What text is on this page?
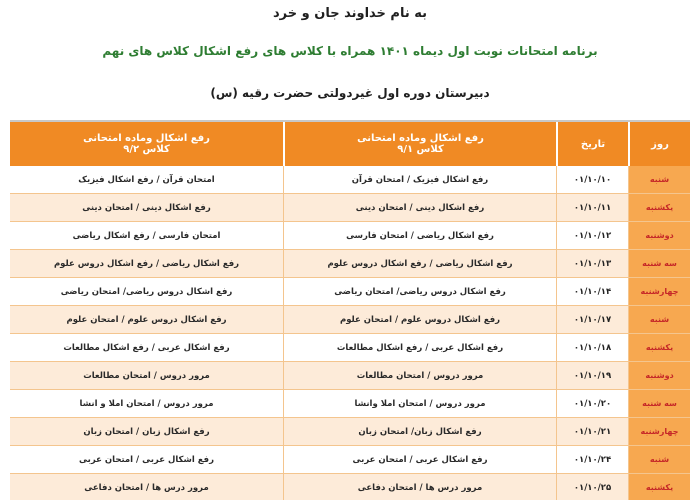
به نام خداوند جان و خرد
برنامه امتحانات نوبت اول دیماه ۱۴۰۱ همراه با کلاس های رفع اشکال کلاس های نهم
دبیرستان دوره اول غیردولتی حضرت رقیه (س)
روز
تاریخ
رفع اشکال وماده امتحانی
کلاس ۹/۱
رفع اشکال وماده امتحانی
کلاس ۹/۲
شنبه
۰۱/۱۰/۱۰
رفع اشکال فیزیک / امتحان قرآن
امتحان قرآن / رفع اشکال فیزیک
یکشنبه
۰۱/۱۰/۱۱
رفع اشکال دینی / امتحان دینی
رفع اشکال دینی / امتحان دینی
دوشنبه
۰۱/۱۰/۱۲
رفع اشکال ریاضی / امتحان فارسی
امتحان فارسی / رفع اشکال ریاضی
سه شنبه
۰۱/۱۰/۱۳
رفع اشکال ریاضی / رفع اشکال دروس علوم
رفع اشکال ریاضی / رفع اشکال دروس علوم
چهارشنبه
۰۱/۱۰/۱۴
رفع اشکال دروس ریاضی/ امتحان ریاضی
رفع اشکال دروس ریاضی/ امتحان ریاضی
شنبه
۰۱/۱۰/۱۷
رفع اشکال دروس علوم / امتحان علوم
رفع اشکال دروس علوم / امتحان علوم
یکشنبه
۰۱/۱۰/۱۸
رفع اشکال عربی / رفع اشکال مطالعات
رفع اشکال عربی / رفع اشکال مطالعات
دوشنبه
۰۱/۱۰/۱۹
مرور دروس / امتحان مطالعات
مرور دروس / امتحان مطالعات
سه شنبه
۰۱/۱۰/۲۰
مرور دروس / امتحان املا وانشا
مرور دروس / امتحان املا و انشا
چهارشنبه
۰۱/۱۰/۲۱
رفع اشکال زبان/ امتحان زبان
رفع اشکال زبان / امتحان زبان
شنبه
۰۱/۱۰/۲۴
رفع اشکال عربی / امتحان عربی
رفع اشکال عربی / امتحان عربی
یکشنبه
۰۱/۱۰/۲۵
مرور درس ها / امتحان دفاعی
مرور درس ها / امتحان دفاعی
